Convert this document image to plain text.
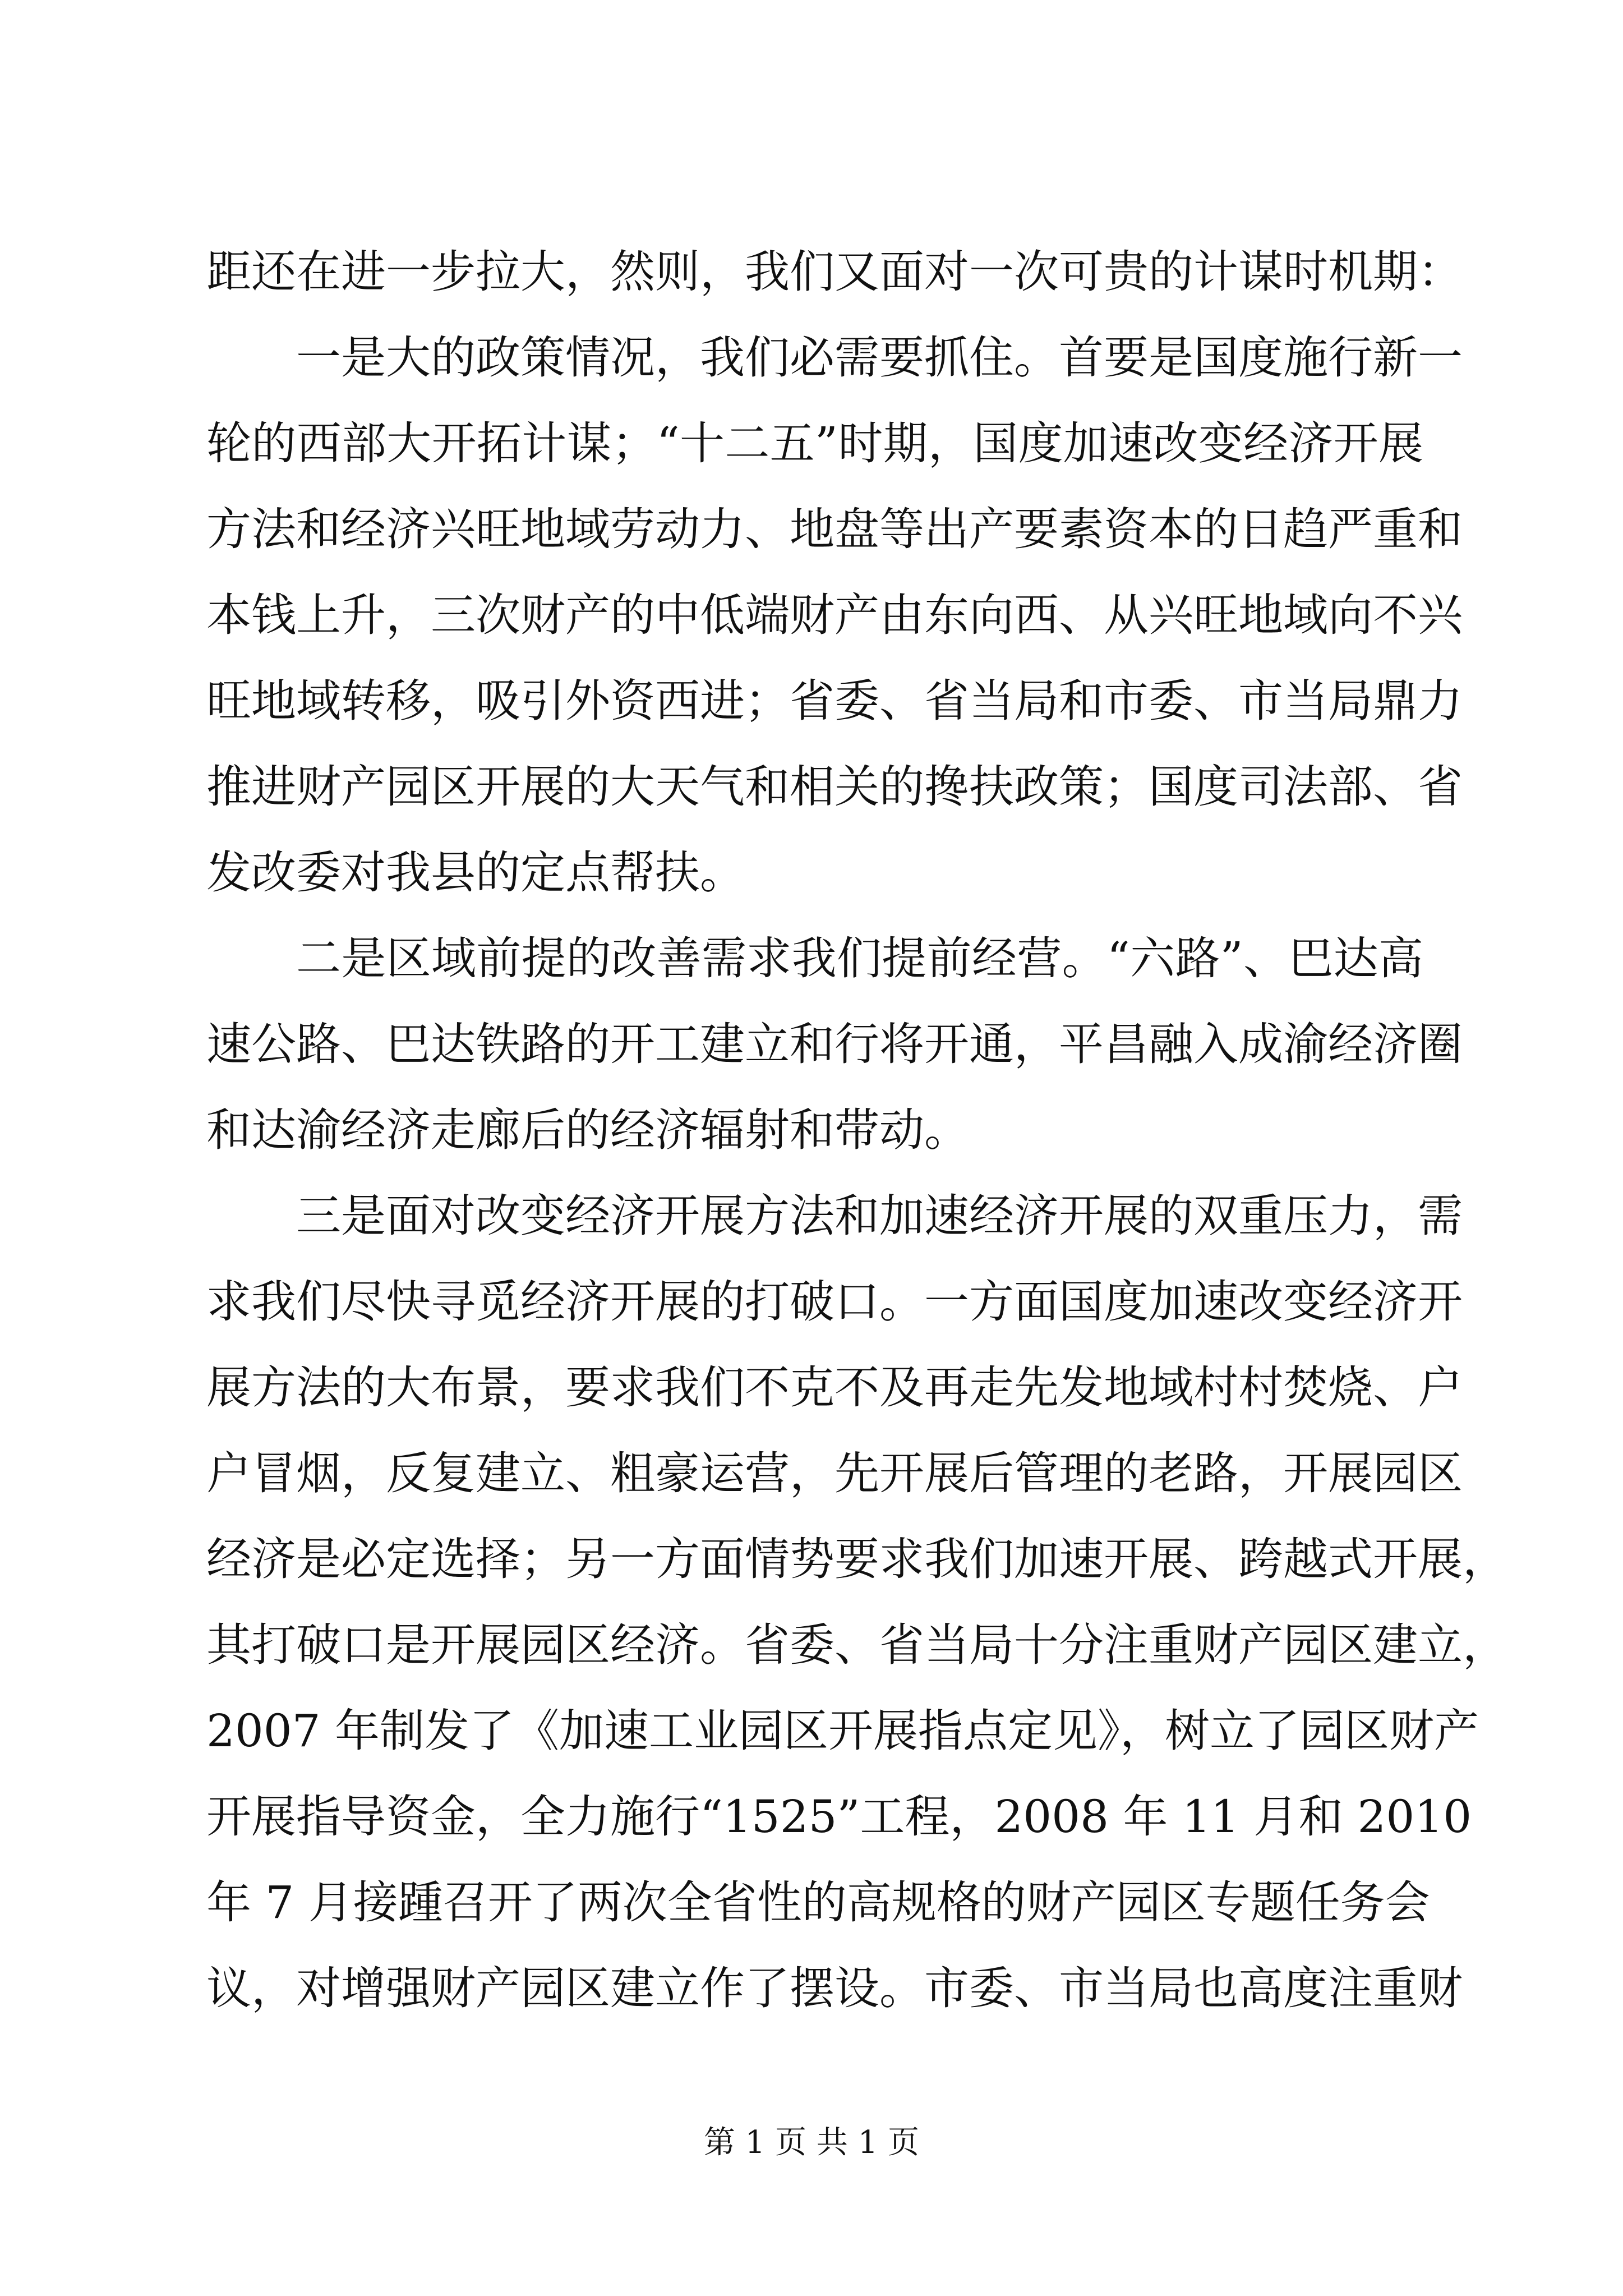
距还在进一步拉大，然则，我们又面对一次可贵的计谋时机期：
一是大的政策情况，我们必需要抓住。首要是国度施行新一
轮的西部大开拓计谋；“十二五”时期，国度加速改变经济开展
方法和经济兴旺地域劳动力、地盘等出产要素资本的日趋严重和
本钱上升，三次财产的中低端财产由东向西、从兴旺地域向不兴
旺地域转移，吸引外资西进；省委、省当局和市委、市当局鼎力
推进财产园区开展的大天气和相关的搀扶政策；国度司法部、省
发改委对我县的定点帮扶。
二是区域前提的改善需求我们提前经营。“六路”、巴达高
速公路、巴达铁路的开工建立和行将开通，平昌融入成渝经济圈
和达渝经济走廊后的经济辐射和带动。
三是面对改变经济开展方法和加速经济开展的双重压力，需
求我们尽快寻觅经济开展的打破口。一方面国度加速改变经济开
展方法的大布景，要求我们不克不及再走先发地域村村焚烧、户
户冒烟，反复建立、粗豪运营，先开展后管理的老路，开展园区
经济是必定选择；另一方面情势要求我们加速开展、跨越式开展，
其打破口是开展园区经济。省委、省当局十分注重财产园区建立，
2007 年制发了《加速工业园区开展指点定见》，树立了园区财产
开展指导资金，全力施行“1525”工程，2008 年 11 月和 2010
年 7 月接踵召开了两次全省性的高规格的财产园区专题任务会
议，对增强财产园区建立作了摆设。市委、市当局也高度注重财
第 1 页 共 1 页
